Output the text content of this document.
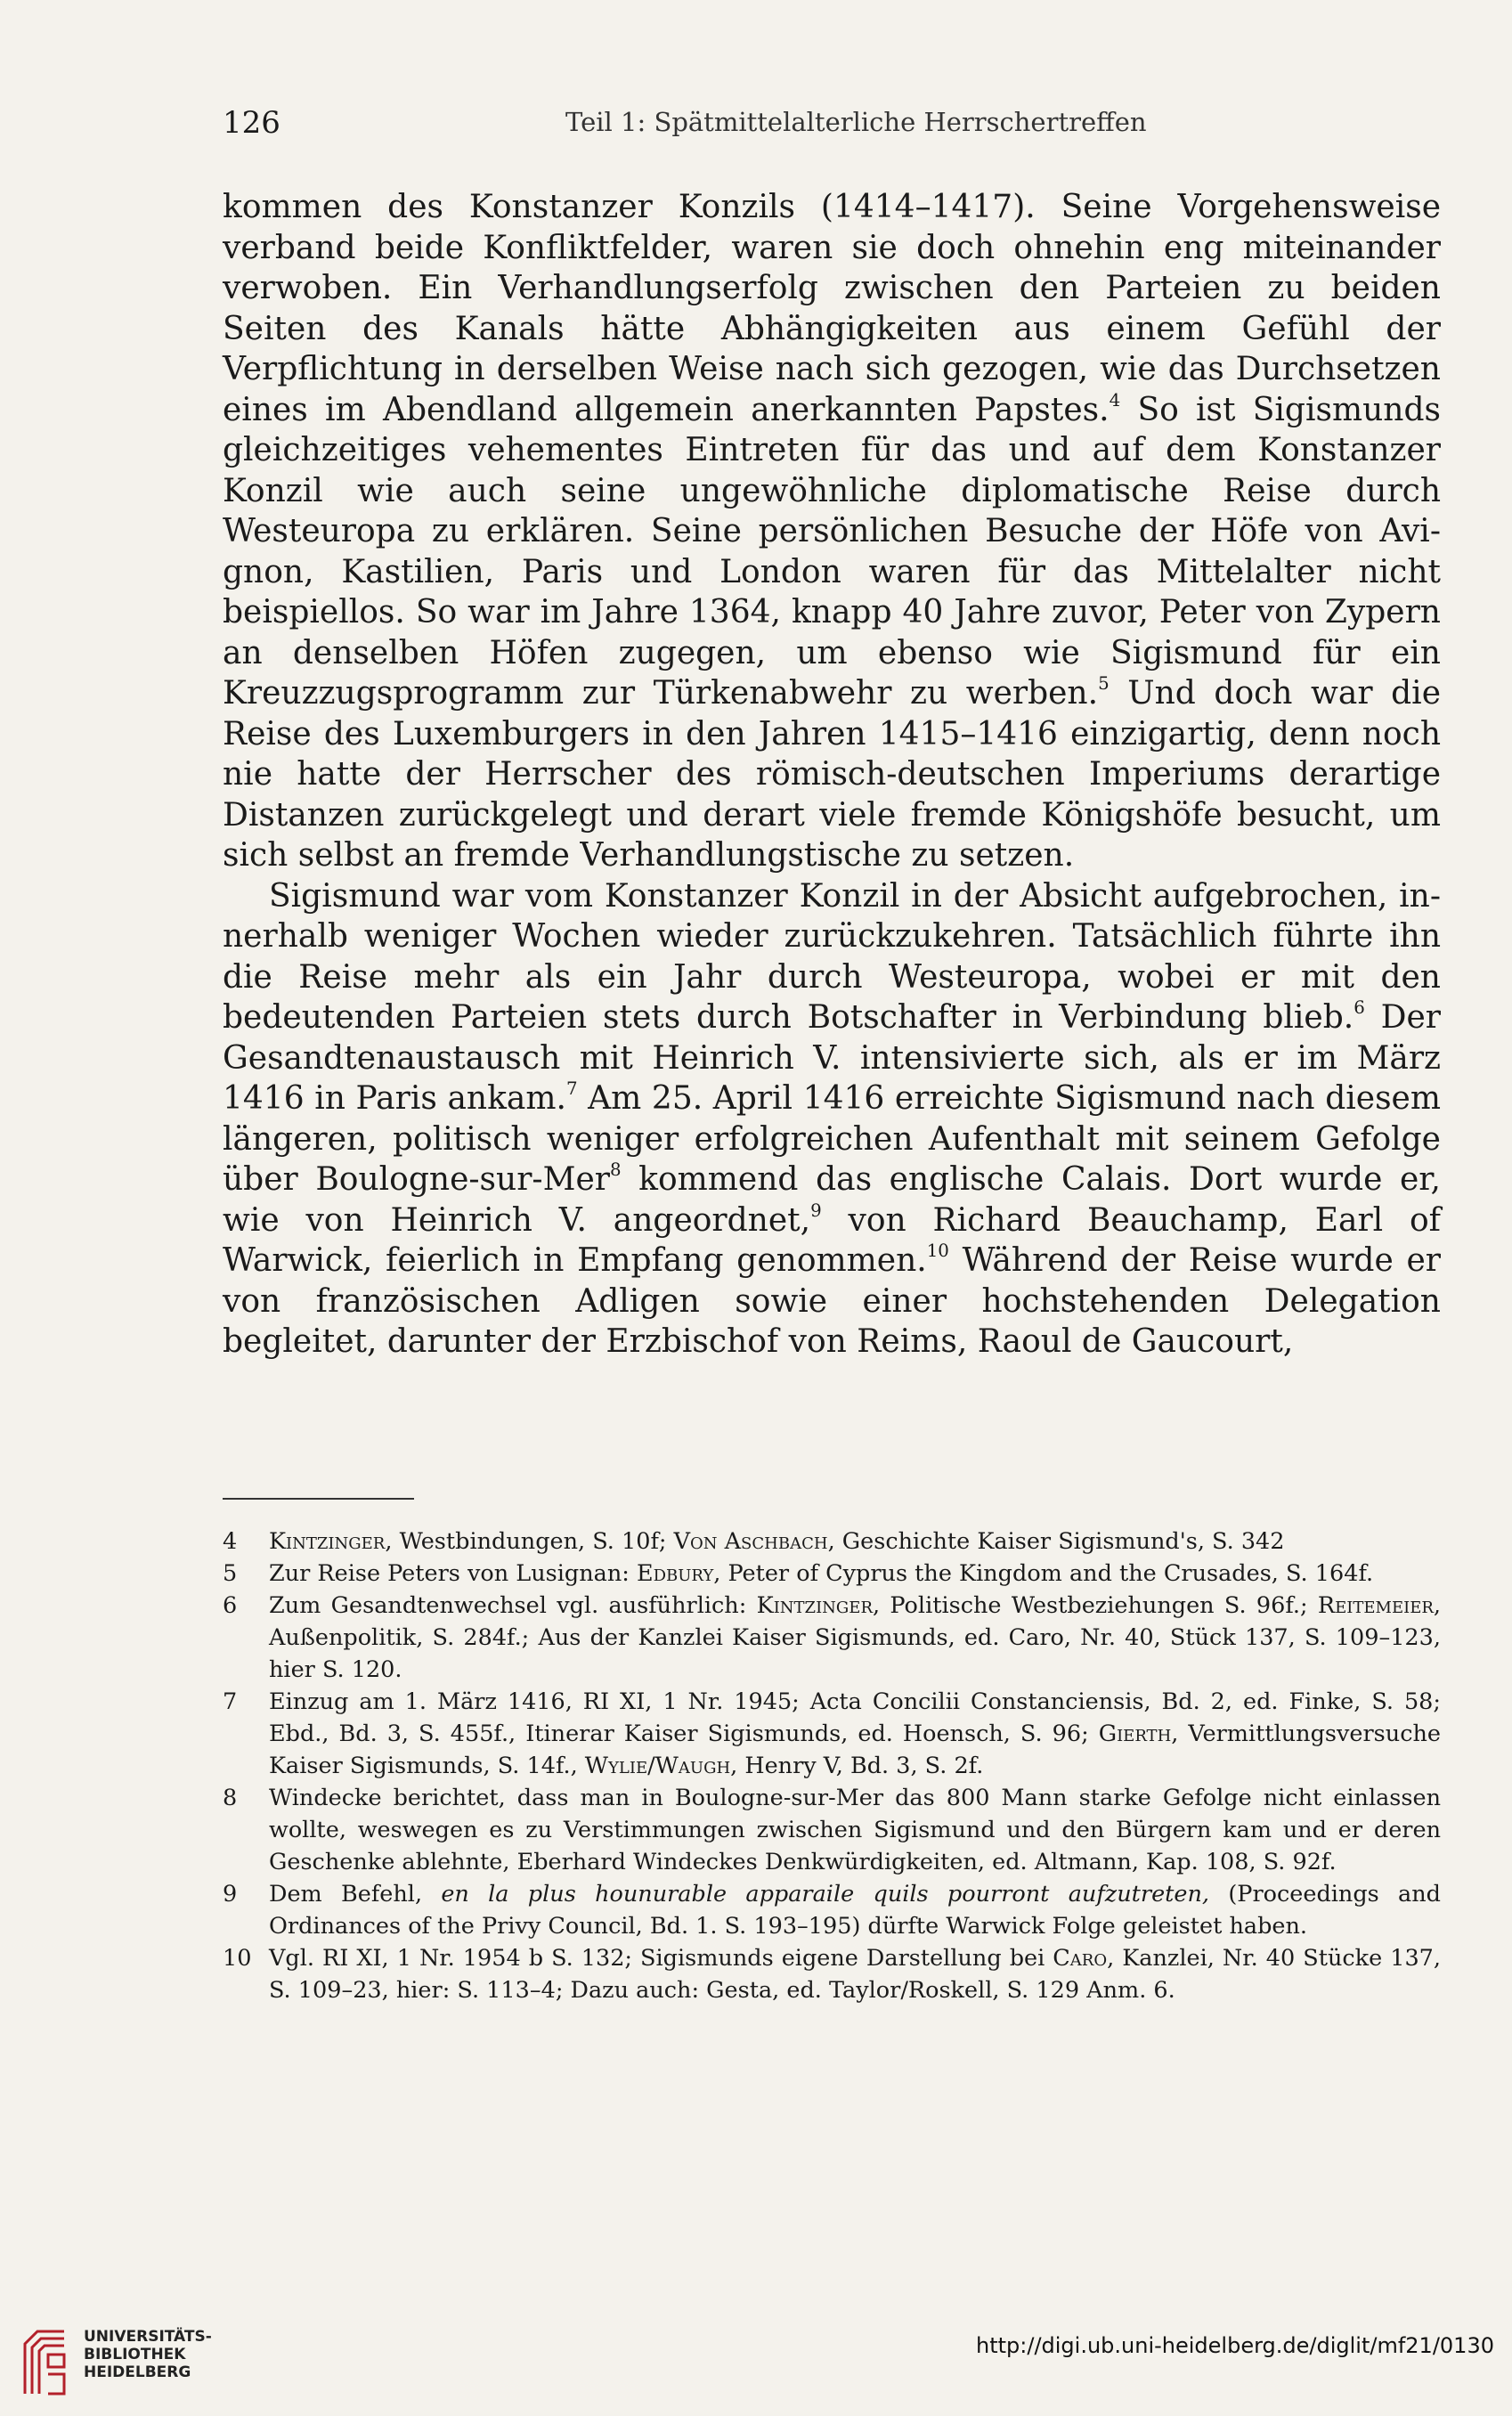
126	Teil 1: Spätmittelalterliche Herrschertreffen

kommen des Konstanzer Konzils (1414–1417). Seine Vorgehensweise verband beide Konfliktfelder, waren sie doch ohnehin eng miteinander verwoben. Ein Verhandlungserfolg zwischen den Parteien zu beiden Seiten des Kanals hätte Abhängigkeiten aus einem Gefühl der Verpflichtung in derselben Weise nach sich gezogen, wie das Durchsetzen eines im Abendland allgemein anerkannten Papstes.$^4$ So ist Sigismunds gleichzeitiges vehementes Eintreten für das und auf dem Konstanzer Konzil wie auch seine ungewöhnliche diplomatische Reise durch Westeuropa zu erklären. Seine persönlichen Besuche der Höfe von Avignon, Kastilien, Paris und London waren für das Mittelalter nicht beispiellos. So war im Jahre 1364, knapp 40 Jahre zuvor, Peter von Zypern an denselben Höfen zugegen, um ebenso wie Sigismund für ein Kreuzzugsprogramm zur Türkenabwehr zu werben.$^5$ Und doch war die Reise des Luxemburgers in den Jahren 1415–1416 einzigartig, denn noch nie hatte der Herrscher des römisch-deutschen Imperiums derartige Distanzen zurückgelegt und derart viele fremde Königshöfe besucht, um sich selbst an fremde Verhandlungstische zu setzen.

Sigismund war vom Konstanzer Konzil in der Absicht aufgebrochen, innerhalb weniger Wochen wieder zurückzukehren. Tatsächlich führte ihn die Reise mehr als ein Jahr durch Westeuropa, wobei er mit den bedeutenden Parteien stets durch Botschafter in Verbindung blieb.$^6$ Der Gesandtenaustausch mit Heinrich V. intensivierte sich, als er im März 1416 in Paris ankam.$^7$ Am 25. April 1416 erreichte Sigismund nach diesem längeren, politisch weniger erfolgreichen Aufenthalt mit seinem Gefolge über Boulogne-sur-Mer$^8$ kommend das englische Calais. Dort wurde er, wie von Heinrich V. angeordnet,$^9$ von Richard Beauchamp, Earl of Warwick, feierlich in Empfang genommen.$^{10}$ Während der Reise wurde er von französischen Adligen sowie einer hochstehenden Delegation begleitet, darunter der Erzbischof von Reims, Raoul de Gaucourt,

4	Kintzinger, Westbindungen, S. 10f; Von Aschbach, Geschichte Kaiser Sigismund's, S. 342
5	Zur Reise Peters von Lusignan: Edbury, Peter of Cyprus the Kingdom and the Crusades, S. 164f.
6	Zum Gesandtenwechsel vgl. ausführlich: Kintzinger, Politische Westbeziehungen S. 96f.; Reitemeier, Außenpolitik, S. 284f.; Aus der Kanzlei Kaiser Sigismunds, ed. Caro, Nr. 40, Stück 137, S. 109–123, hier S. 120.
7	Einzug am 1. März 1416, RI XI, 1 Nr. 1945; Acta Concilii Constanciensis, Bd. 2, ed. Finke, S. 58; Ebd., Bd. 3, S. 455f., Itinerar Kaiser Sigismunds, ed. Hoensch, S. 96; Gierth, Vermittlungsversuche Kaiser Sigismunds, S. 14f., Wylie/Waugh, Henry V, Bd. 3, S. 2f.
8	Windecke berichtet, dass man in Boulogne-sur-Mer das 800 Mann starke Gefolge nicht einlassen wollte, weswegen es zu Verstimmungen zwischen Sigismund und den Bürgern kam und er deren Geschenke ablehnte, Eberhard Windeckes Denkwürdigkeiten, ed. Altmann, Kap. 108, S. 92f.
9	Dem Befehl, en la plus hounurable apparaile quils pourront aufzutreten, (Proceedings and Ordinances of the Privy Council, Bd. 1. S. 193–195) dürfte Warwick Folge geleistet haben.
10 Vgl. RI XI, 1 Nr. 1954 b S. 132; Sigismunds eigene Darstellung bei Caro, Kanzlei, Nr. 40 Stücke 137, S. 109–23, hier: S. 113–4; Dazu auch: Gesta, ed. Taylor/Roskell, S. 129 Anm. 6.
UNIVERSITÄTS-
BIBLIOTHEK
HEIDELBERG
http://digi.ub.uni-heidelberg.de/diglit/mf21/0130
